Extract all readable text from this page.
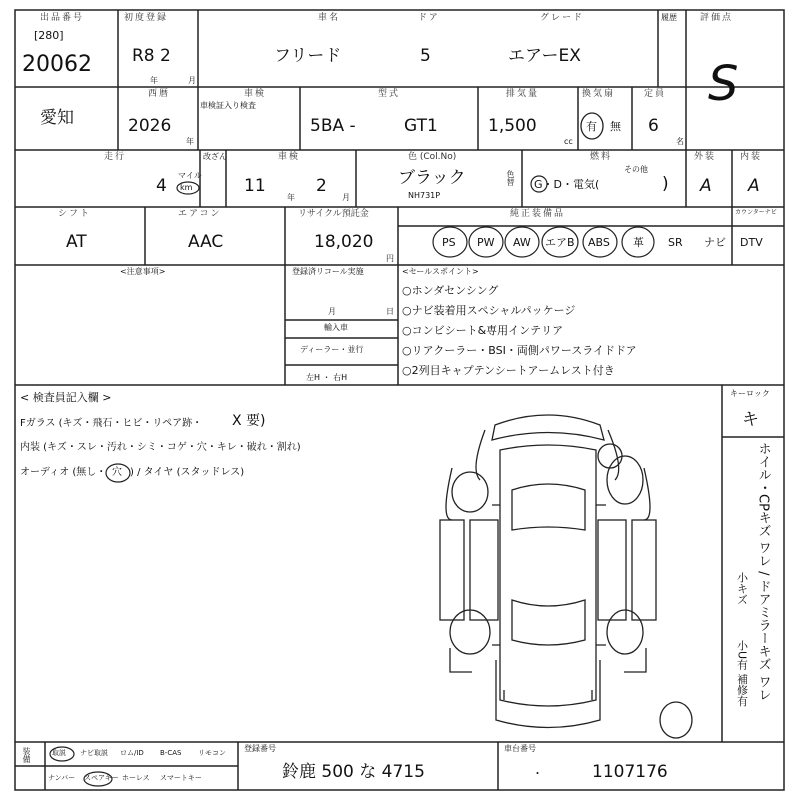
出品番号
[280]
20062
初度登録
R8 2
年	月
車名
フリード
ドア
5
グレード
エアーEX
履歴	評価点
S
愛知
西暦
2026
年
車検
車検証入り検査
型式
5BA -	GT1
排気量
1,500
cc
換気扇
有 無
定員
6
名
走行
4
マイル
km
改ざん	車検
11
年
2
月
色 (Col.No)
ブラック
NH731P
色替
燃料
その他
G・D・電気(	)
外装
A
内装
A
シフト
AT
エアコン
AAC
リサイクル預託金
18,020
円
純正装備品	カウンターナビ
PS PW AW エアB ABS 革 SR ナビ DTV
<注意事項>	登録済リコール実施
月	日
輸入車
ディーラー・並行
左H ・ 右H
<セールスポイント>
○ホンダセンシング
○ナビ装着用スペシャルパッケージ
○コンビシート&専用インテリア
○リアクーラー・BSI・両側パワースライドドア
○2列目キャプテンシートアームレスト付き
< 検査員記入欄 >
Fガラス (キズ・飛石・ヒビ・リペア跡・ X 要)
内装 (キズ・スレ・汚れ・シミ・コゲ・穴・キレ・破れ・割れ)
オーディオ (無し・ 穴 ) / タイヤ (スタッドレス)
キーロック
キ
ホイル・CPキズ ワレ / ドアミラーキズ ワレ
小キズ
小U有 補修有
装備	取説 ナビ取説 ロム/ID B-CAS リモコン
ナンバー スペアキー ホーレス スマートキー
登録番号
鈴鹿 500 な 4715
車台番号
・	1107176
